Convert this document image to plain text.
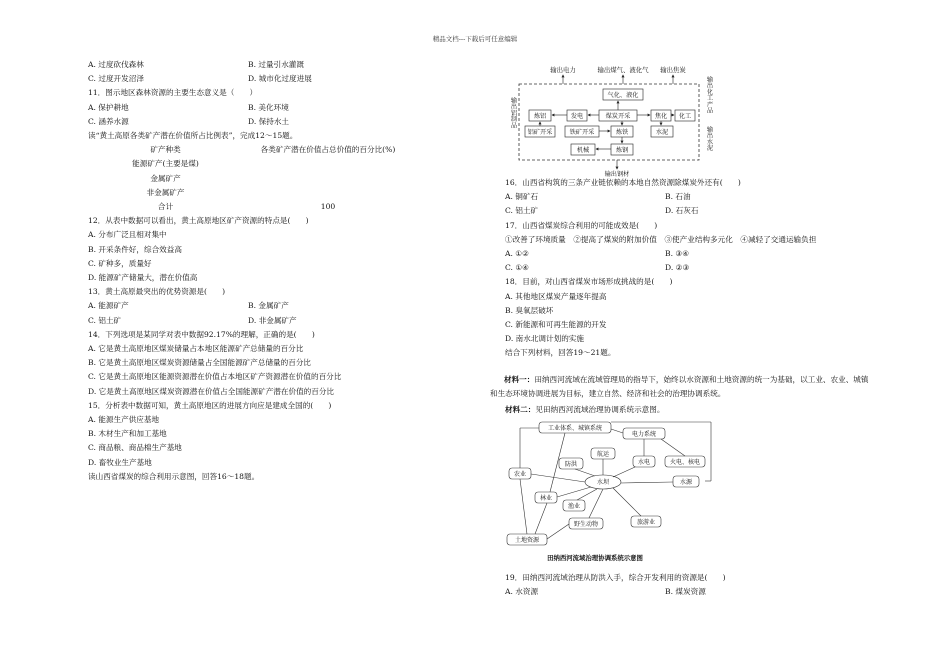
精品文档---下载后可任意编辑
A. 过度砍伐森林	B. 过量引水灌溉
C. 过度开发沼泽	D. 城市化过度进展
11．图示地区森林资源的主要生态意义是（　　）
A. 保护耕地	B. 美化环境
C. 涵养水源	D. 保持水土
读“黄土高原各类矿产潜在价值所占比例表”，完成12～15题。
矿产种类	各类矿产潜在价值占总价值的百分比(%)
能源矿产(主要是煤)
金属矿产
非金属矿产
合计	100
12．从表中数据可以看出，黄土高原地区矿产资源的特点是(　　)
A. 分布广泛且相对集中
B. 开采条件好，综合效益高
C. 矿种多，质量好
D. 能源矿产储量大，潜在价值高
13．黄土高原最突出的优势资源是(　　)
A. 能源矿产	B. 金属矿产
C. 铝土矿	D. 非金属矿产
14．下列选项是某同学对表中数据92.17%的理解，正确的是(　　)
A. 它是黄土高原地区煤炭储量占本地区能源矿产总储量的百分比
B. 它是黄土高原地区煤炭资源储量占全国能源矿产总储量的百分比
C. 它是黄土高原地区能源资源潜在价值占本地区矿产资源潜在价值的百分比
D. 它是黄土高原地区煤炭资源潜在价值占全国能源矿产潜在价值的百分比
15．分析表中数据可知，黄土高原地区的进展方向应是建成全国的(　　)
A. 能源生产供应基地
B. 木材生产和加工基地
C. 商品粮、商品棉生产基地
D. 畜牧业生产基地
读山西省煤炭的综合利用示意图，回答16～18题。
输出电力	输出煤气、液化气 输出焦炭
气化、液化
炼铝	发电	煤炭开采	焦化 化工
铝矿开采	铁矿开采	炼铁	水泥
机械	炼钢
输出铝制品	输出化工产品
输出水泥
输出钢材
16．山西省构筑的三条产业链依赖的本地自然资源除煤炭外还有(　　)
A. 铜矿石	B. 石油
C. 铝土矿	D. 石灰石
17．山西省煤炭综合利用的可能成效是(　　)
①改善了环境质量　②提高了煤炭的附加价值　③使产业结构多元化　④减轻了交通运输负担
A. ①②	B. ③④
C. ①④	D. ②③
18．目前，对山西省煤炭市场形成挑战的是(　　)
A. 其他地区煤炭产量逐年提高
B. 臭氧层破坏
C. 新能源和可再生能源的开发
D. 南水北调计划的实施
结合下列材料，回答19～21题。
材料一：田纳西河流域在流域管理局的指导下，始终以水资源和土地资源的统一为基础，以工业、农业、城镇和生态环境协调进展为目标，建立自然、经济和社会的治理协调系统。
材料二：见田纳西河流域治理协调系统示意图。
工业体系、城镇系统
电力系统
农业
防洪
航运
水电	火电、核电
水坝	水源
林业
渔业
野生动物	旅游业
土地资源
田纳西河流域治理协调系统示意图
19．田纳西河流域治理从防洪入手，综合开发利用的资源是(　　)
A. 水资源	B. 煤炭资源
